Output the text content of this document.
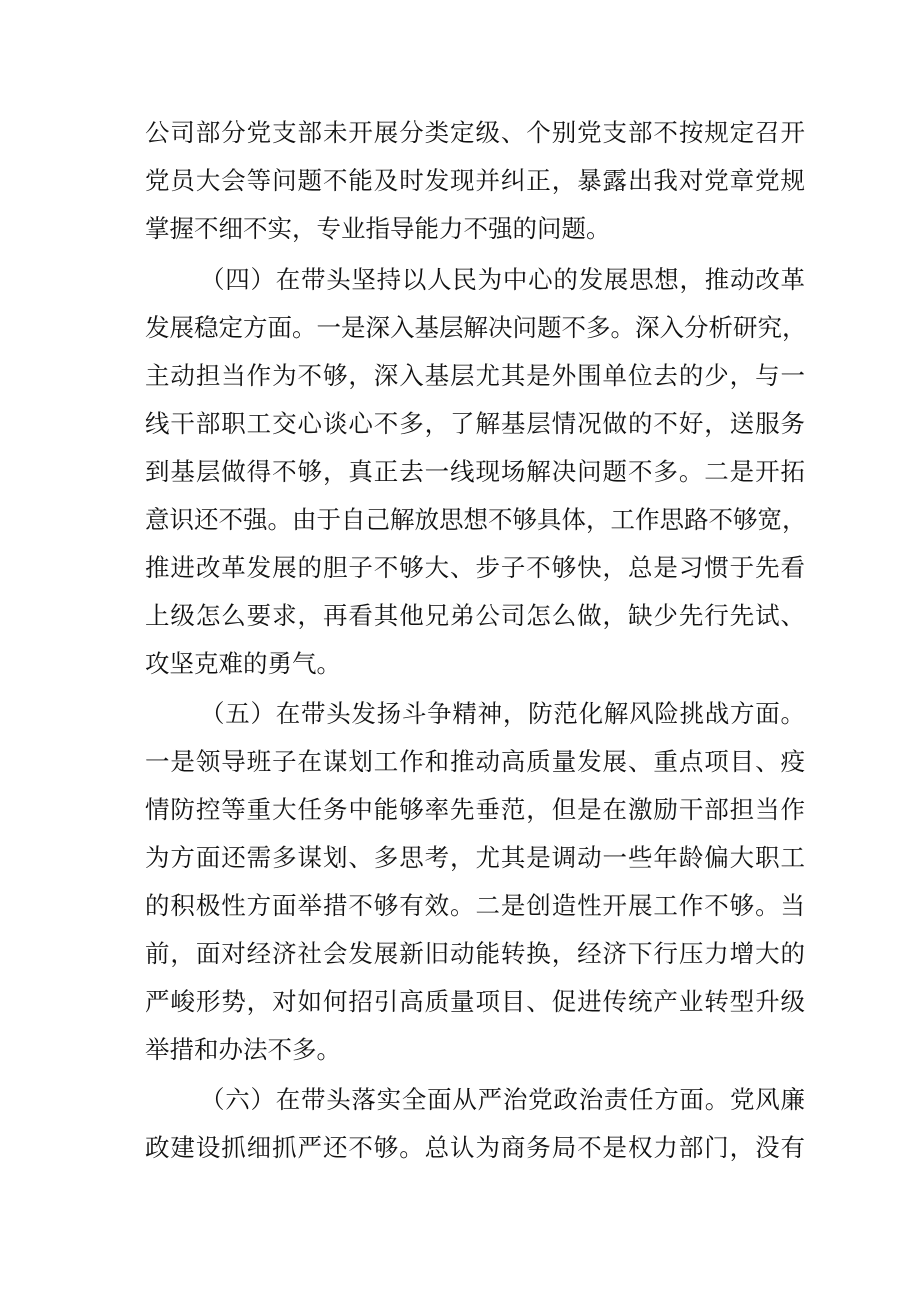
公司部分党支部未开展分类定级、个别党支部不按规定召开
党员大会等问题不能及时发现并纠正，暴露出我对党章党规
掌握不细不实，专业指导能力不强的问题。
（四）在带头坚持以人民为中心的发展思想，推动改革
发展稳定方面。一是深入基层解决问题不多。深入分析研究，
主动担当作为不够，深入基层尤其是外围单位去的少，与一
线干部职工交心谈心不多，了解基层情况做的不好，送服务
到基层做得不够，真正去一线现场解决问题不多。二是开拓
意识还不强。由于自己解放思想不够具体，工作思路不够宽，
推进改革发展的胆子不够大、步子不够快，总是习惯于先看
上级怎么要求，再看其他兄弟公司怎么做，缺少先行先试、
攻坚克难的勇气。
（五）在带头发扬斗争精神，防范化解风险挑战方面。
一是领导班子在谋划工作和推动高质量发展、重点项目、疫
情防控等重大任务中能够率先垂范，但是在激励干部担当作
为方面还需多谋划、多思考，尤其是调动一些年龄偏大职工
的积极性方面举措不够有效。二是创造性开展工作不够。当
前，面对经济社会发展新旧动能转换，经济下行压力增大的
严峻形势，对如何招引高质量项目、促进传统产业转型升级
举措和办法不多。
（六）在带头落实全面从严治党政治责任方面。党风廉
政建设抓细抓严还不够。总认为商务局不是权力部门，没有
